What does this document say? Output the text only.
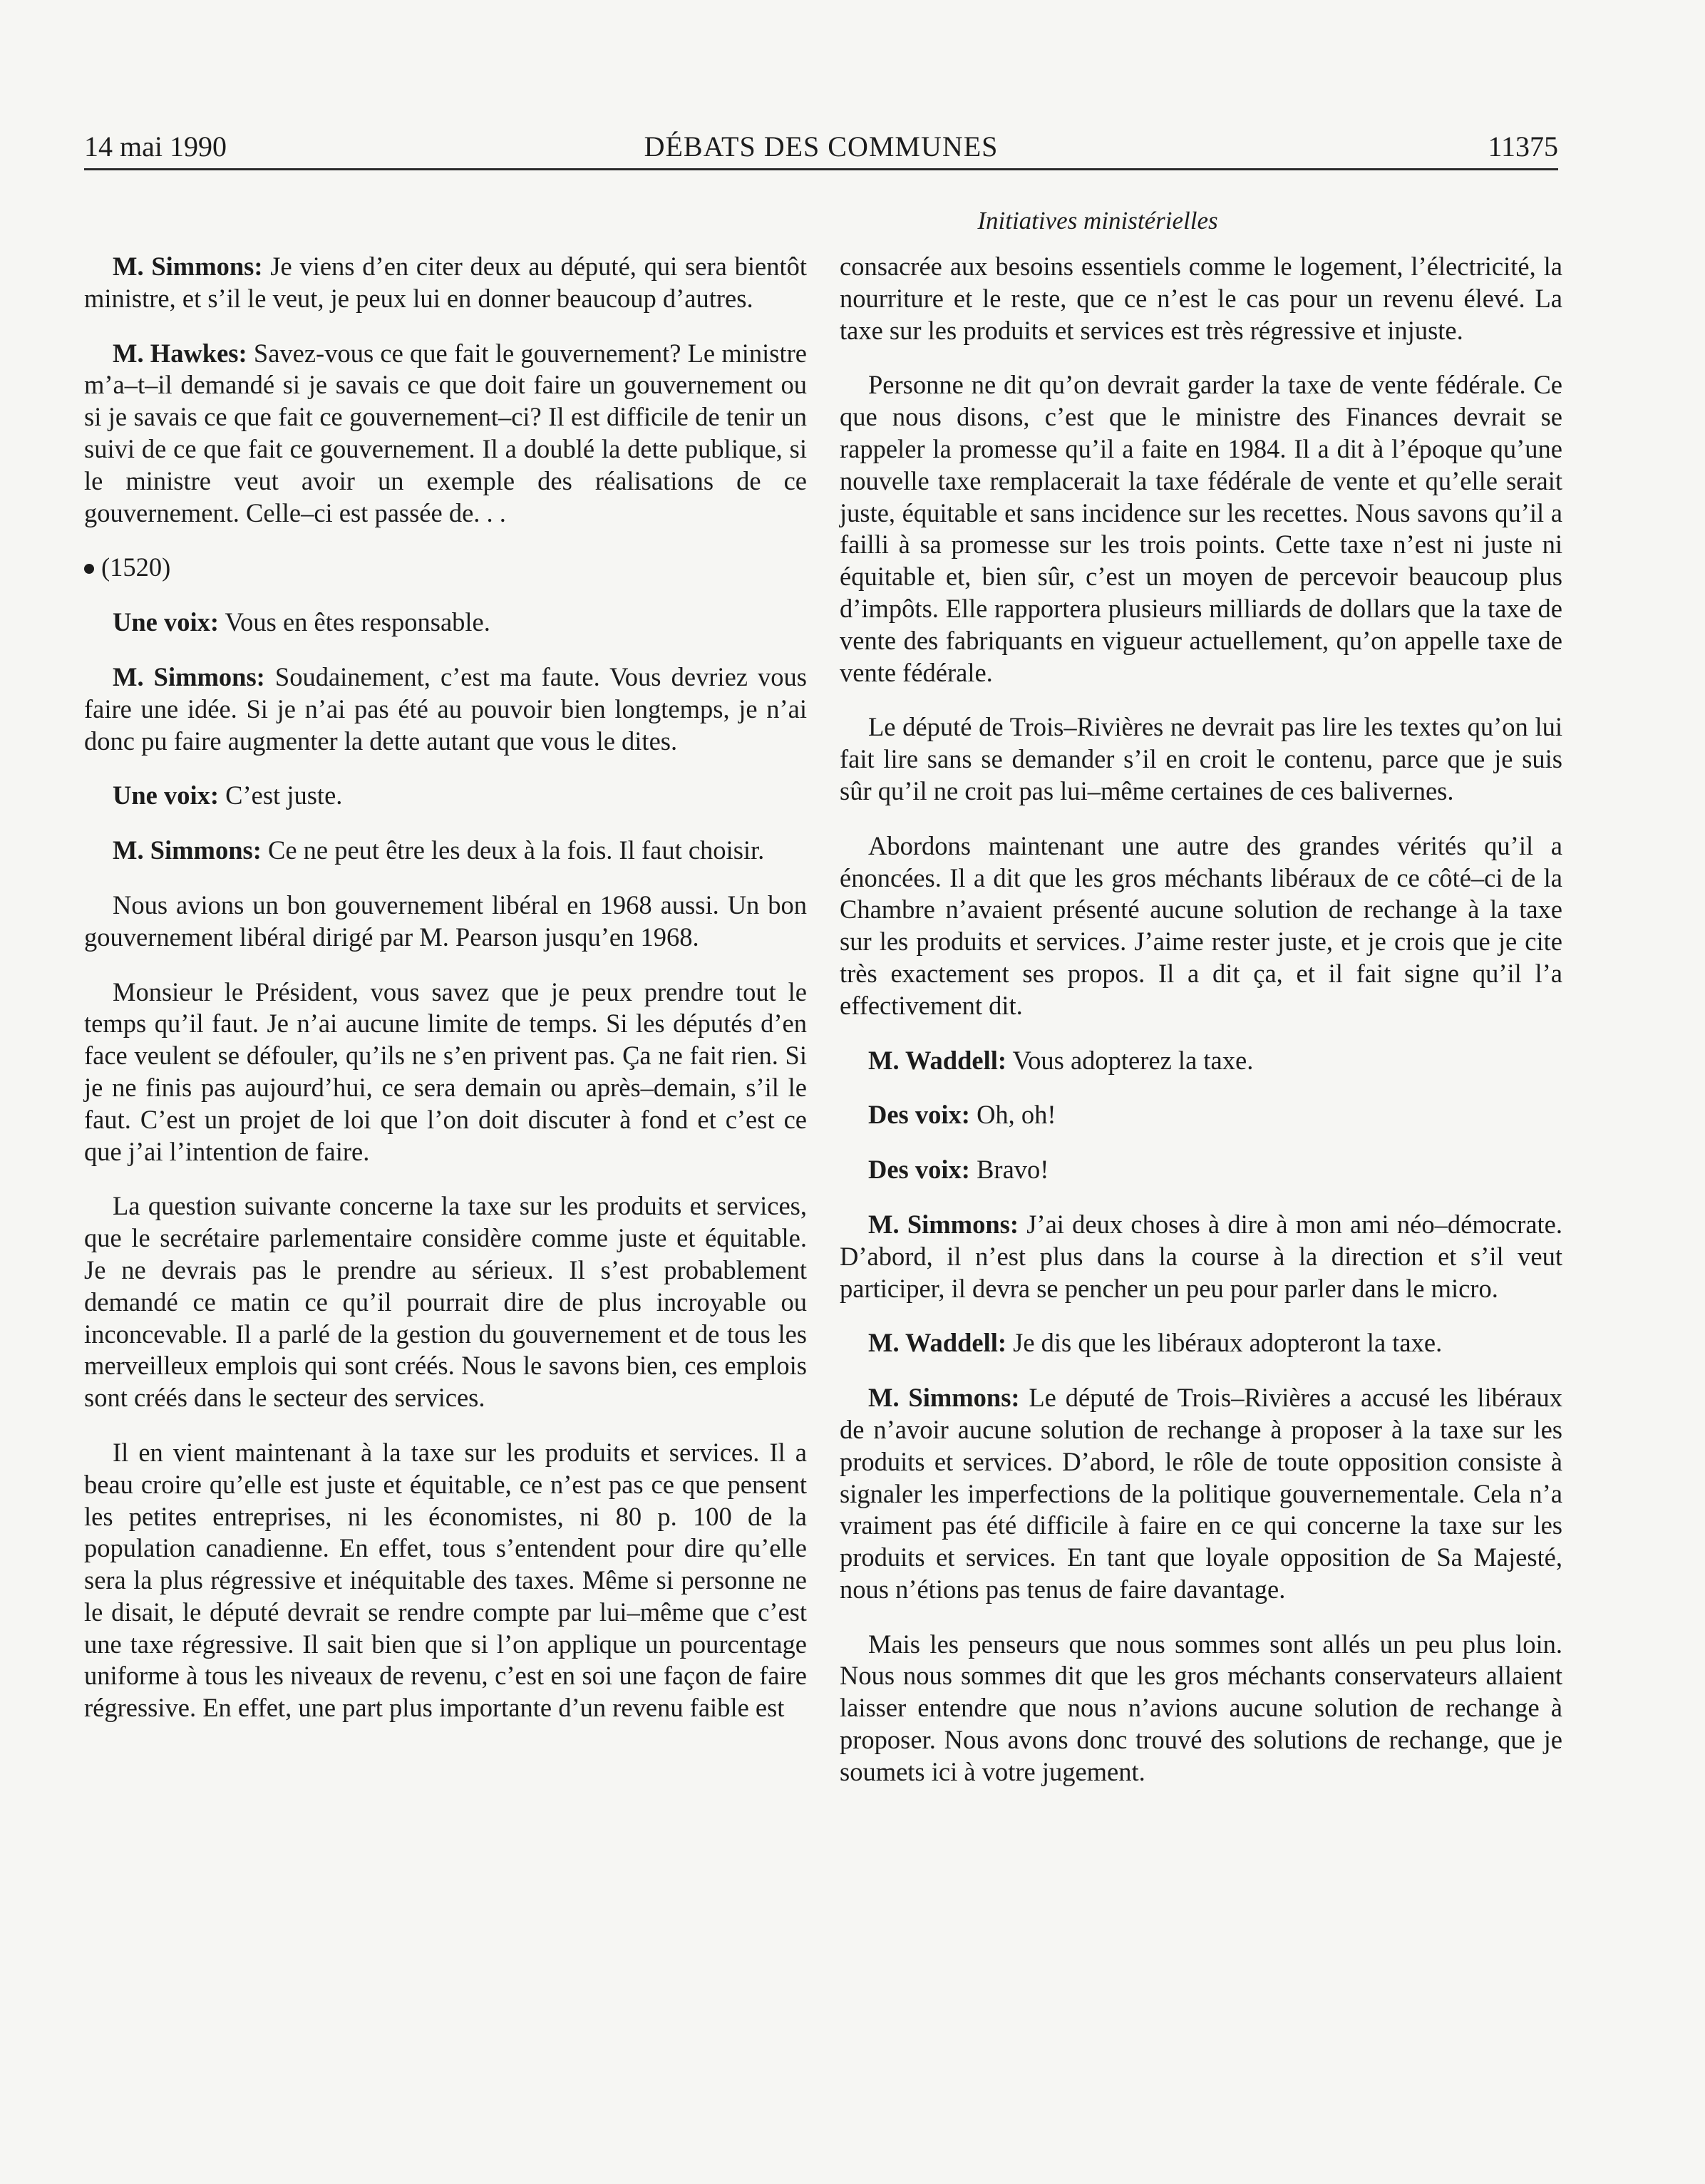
14 mai 1990	DÉBATS DES COMMUNES	11375
Initiatives ministérielles

M. Simmons: Je viens d’en citer deux au député, qui sera bientôt ministre, et s’il le veut, je peux lui en donner beaucoup d’autres.

M. Hawkes: Savez-vous ce que fait le gouvernement? Le ministre m’a–t–il demandé si je savais ce que doit faire un gouvernement ou si je savais ce que fait ce gouvernement–ci? Il est difficile de tenir un suivi de ce que fait ce gouvernement. Il a doublé la dette publique, si le ministre veut avoir un exemple des réalisations de ce gouvernement. Celle–ci est passée de. . .

(1520)

Une voix: Vous en êtes responsable.

M. Simmons: Soudainement, c’est ma faute. Vous devriez vous faire une idée. Si je n’ai pas été au pouvoir bien longtemps, je n’ai donc pu faire augmenter la dette autant que vous le dites.

Une voix: C’est juste.

M. Simmons: Ce ne peut être les deux à la fois. Il faut choisir.

Nous avions un bon gouvernement libéral en 1968 aussi. Un bon gouvernement libéral dirigé par M. Pearson jusqu’en 1968.

Monsieur le Président, vous savez que je peux prendre tout le temps qu’il faut. Je n’ai aucune limite de temps. Si les députés d’en face veulent se défouler, qu’ils ne s’en privent pas. Ça ne fait rien. Si je ne finis pas aujourd’hui, ce sera demain ou après–demain, s’il le faut. C’est un projet de loi que l’on doit discuter à fond et c’est ce que j’ai l’intention de faire.

La question suivante concerne la taxe sur les produits et services, que le secrétaire parlementaire considère comme juste et équitable. Je ne devrais pas le prendre au sérieux. Il s’est probablement demandé ce matin ce qu’il pourrait dire de plus incroyable ou inconcevable. Il a parlé de la gestion du gouvernement et de tous les merveilleux emplois qui sont créés. Nous le savons bien, ces emplois sont créés dans le secteur des services.

Il en vient maintenant à la taxe sur les produits et services. Il a beau croire qu’elle est juste et équitable, ce n’est pas ce que pensent les petites entreprises, ni les économistes, ni 80 p. 100 de la population canadienne. En effet, tous s’entendent pour dire qu’elle sera la plus régressive et inéquitable des taxes. Même si personne ne le disait, le député devrait se rendre compte par lui–même que c’est une taxe régressive. Il sait bien que si l’on applique un pourcentage uniforme à tous les niveaux de revenu, c’est en soi une façon de faire régressive. En effet, une part plus importante d’un revenu faible est

consacrée aux besoins essentiels comme le logement, l’électricité, la nourriture et le reste, que ce n’est le cas pour un revenu élevé. La taxe sur les produits et services est très régressive et injuste.

Personne ne dit qu’on devrait garder la taxe de vente fédérale. Ce que nous disons, c’est que le ministre des Finances devrait se rappeler la promesse qu’il a faite en 1984. Il a dit à l’époque qu’une nouvelle taxe remplacerait la taxe fédérale de vente et qu’elle serait juste, équitable et sans incidence sur les recettes. Nous savons qu’il a failli à sa promesse sur les trois points. Cette taxe n’est ni juste ni équitable et, bien sûr, c’est un moyen de percevoir beaucoup plus d’impôts. Elle rapportera plusieurs milliards de dollars que la taxe de vente des fabriquants en vigueur actuellement, qu’on appelle taxe de vente fédérale.

Le député de Trois–Rivières ne devrait pas lire les textes qu’on lui fait lire sans se demander s’il en croit le contenu, parce que je suis sûr qu’il ne croit pas lui–même certaines de ces balivernes.

Abordons maintenant une autre des grandes vérités qu’il a énoncées. Il a dit que les gros méchants libéraux de ce côté–ci de la Chambre n’avaient présenté aucune solution de rechange à la taxe sur les produits et services. J’aime rester juste, et je crois que je cite très exactement ses propos. Il a dit ça, et il fait signe qu’il l’a effectivement dit.

M. Waddell: Vous adopterez la taxe.

Des voix: Oh, oh!

Des voix: Bravo!

M. Simmons: J’ai deux choses à dire à mon ami néo–démocrate. D’abord, il n’est plus dans la course à la direction et s’il veut participer, il devra se pencher un peu pour parler dans le micro.

M. Waddell: Je dis que les libéraux adopteront la taxe.

M. Simmons: Le député de Trois–Rivières a accusé les libéraux de n’avoir aucune solution de rechange à proposer à la taxe sur les produits et services. D’abord, le rôle de toute opposition consiste à signaler les imperfections de la politique gouvernementale. Cela n’a vraiment pas été difficile à faire en ce qui concerne la taxe sur les produits et services. En tant que loyale opposition de Sa Majesté, nous n’étions pas tenus de faire davantage.

Mais les penseurs que nous sommes sont allés un peu plus loin. Nous nous sommes dit que les gros méchants conservateurs allaient laisser entendre que nous n’avions aucune solution de rechange à proposer. Nous avons donc trouvé des solutions de rechange, que je soumets ici à votre jugement.
